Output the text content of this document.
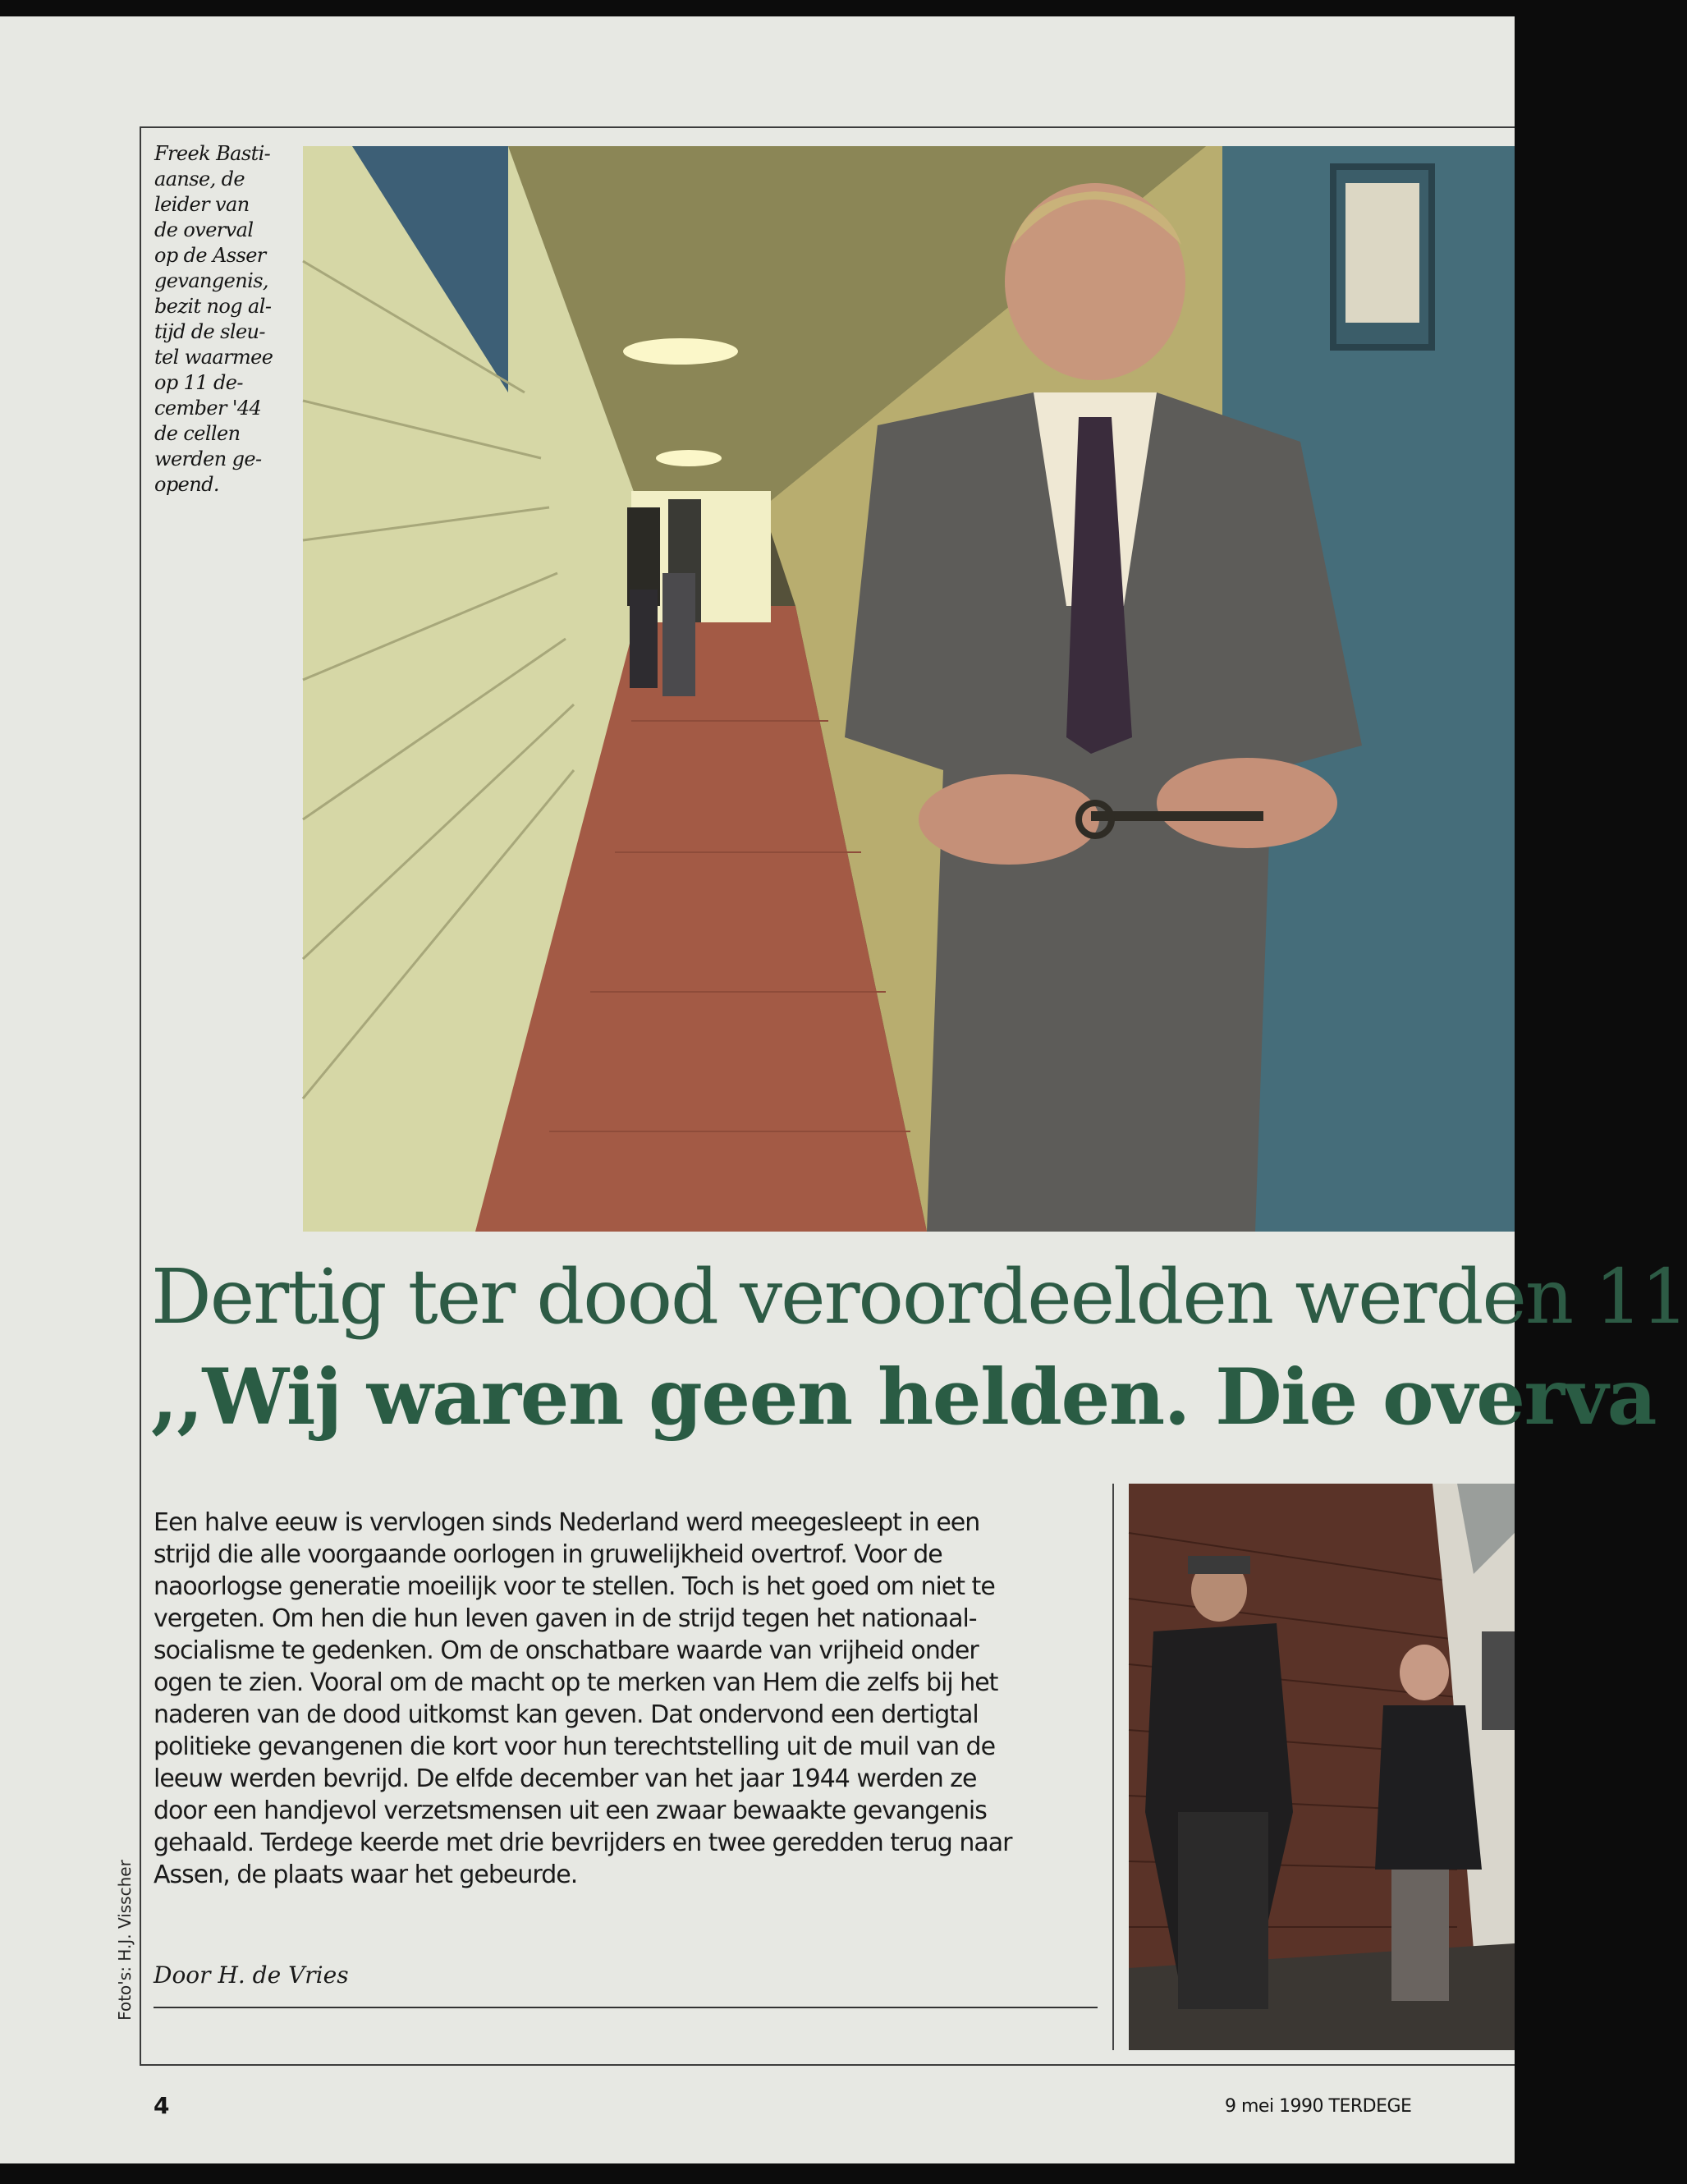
Freek Basti-
aanse, de
leider van
de overval
op de Asser
gevangenis,
bezit nog al-
tijd de sleu-
tel waarmee
op 11 de-
cember '44
de cellen
werden ge-
opend.
Dertig ter dood veroordeelden werden 11
,,Wij waren geen helden. Die overva
Een halve eeuw is vervlogen sinds Nederland werd meegesleept in een
strijd die alle voorgaande oorlogen in gruwelijkheid overtrof. Voor de
naoorlogse generatie moeilijk voor te stellen. Toch is het goed om niet te
vergeten. Om hen die hun leven gaven in de strijd tegen het nationaal-
socialisme te gedenken. Om de onschatbare waarde van vrijheid onder
ogen te zien. Vooral om de macht op te merken van Hem die zelfs bij het
naderen van de dood uitkomst kan geven. Dat ondervond een dertigtal
politieke gevangenen die kort voor hun terechtstelling uit de muil van de
leeuw werden bevrijd. De elfde december van het jaar 1944 werden ze
door een handjevol verzetsmensen uit een zwaar bewaakte gevangenis
gehaald. Terdege keerde met drie bevrijders en twee geredden terug naar
Assen, de plaats waar het gebeurde.
Door H. de Vries
Foto's: H.J. Visscher
4	9 mei 1990 TERDEGE
